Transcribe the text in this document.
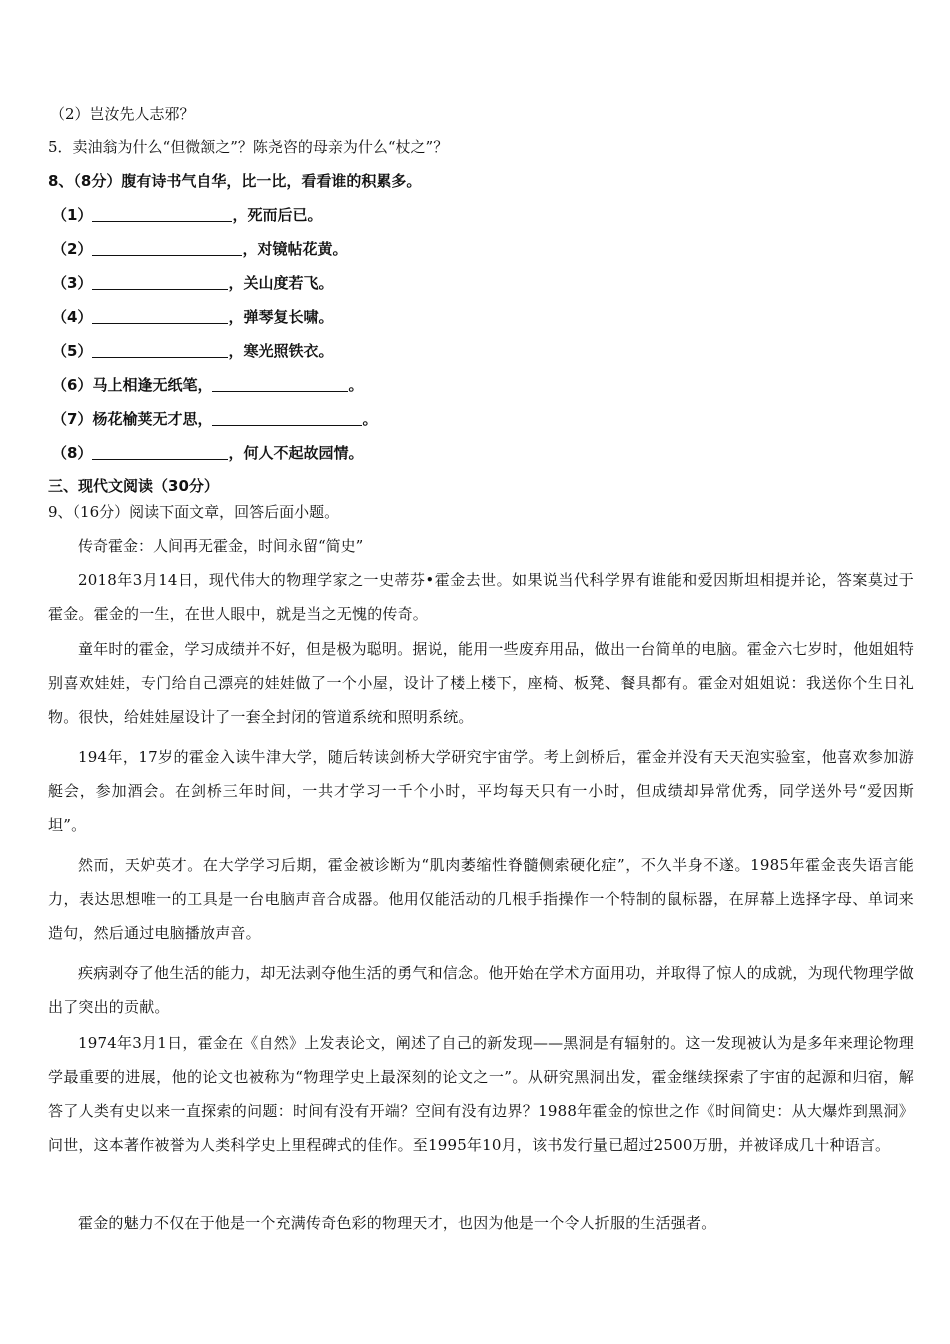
（2）岂汝先人志邪？
5．卖油翁为什么“但微颔之”？陈尧咨的母亲为什么“杖之”？
8、（8分）腹有诗书气自华，比一比，看看谁的积累多。
（1）	，死而后已。
（2）	，对镜帖花黄。
（3）	，关山度若飞。
（4）	，弹琴复长啸。
（5）	，寒光照铁衣。
（6）马上相逢无纸笔，	。
（7）杨花榆荚无才思，	。
（8）	，何人不起故园情。
三、现代文阅读（30分）
9、（16分）阅读下面文章，回答后面小题。
传奇霍金：人间再无霍金，时间永留“简史”

2018年3月14日，现代伟大的物理学家之一史蒂芬•霍金去世。如果说当代科学界有谁能和爱因斯坦相提并论，答案莫过于霍金。霍金的一生，在世人眼中，就是当之无愧的传奇。

童年时的霍金，学习成绩并不好，但是极为聪明。据说，能用一些废弃用品，做出一台简单的电脑。霍金六七岁时，他姐姐特别喜欢娃娃，专门给自己漂亮的娃娃做了一个小屋，设计了楼上楼下，座椅、板凳、餐具都有。霍金对姐姐说：我送你个生日礼物。很快，给娃娃屋设计了一套全封闭的管道系统和照明系统。

194年，17岁的霍金入读牛津大学，随后转读剑桥大学研究宇宙学。考上剑桥后，霍金并没有天天泡实验室，他喜欢参加游艇会，参加酒会。在剑桥三年时间，一共才学习一千个小时，平均每天只有一小时，但成绩却异常优秀，同学送外号“爱因斯坦”。

然而，天妒英才。在大学学习后期，霍金被诊断为“肌肉萎缩性脊髓侧索硬化症”，不久半身不遂。1985年霍金丧失语言能力，表达思想唯一的工具是一台电脑声音合成器。他用仅能活动的几根手指操作一个特制的鼠标器，在屏幕上选择字母、单词来造句，然后通过电脑播放声音。

疾病剥夺了他生活的能力，却无法剥夺他生活的勇气和信念。他开始在学术方面用功，并取得了惊人的成就，为现代物理学做出了突出的贡献。

1974年3月1日，霍金在《自然》上发表论文，阐述了自己的新发现——黑洞是有辐射的。这一发现被认为是多年来理论物理学最重要的进展，他的论文也被称为“物理学史上最深刻的论文之一”。从研究黑洞出发，霍金继续探索了宇宙的起源和归宿，解答了人类有史以来一直探索的问题：时间有没有开端？空间有没有边界？1988年霍金的惊世之作《时间简史：从大爆炸到黑洞》问世，这本著作被誉为人类科学史上里程碑式的佳作。至1995年10月，该书发行量已超过2500万册，并被译成几十种语言。

霍金的魅力不仅在于他是一个充满传奇色彩的物理天才，也因为他是一个令人折服的生活强者。
